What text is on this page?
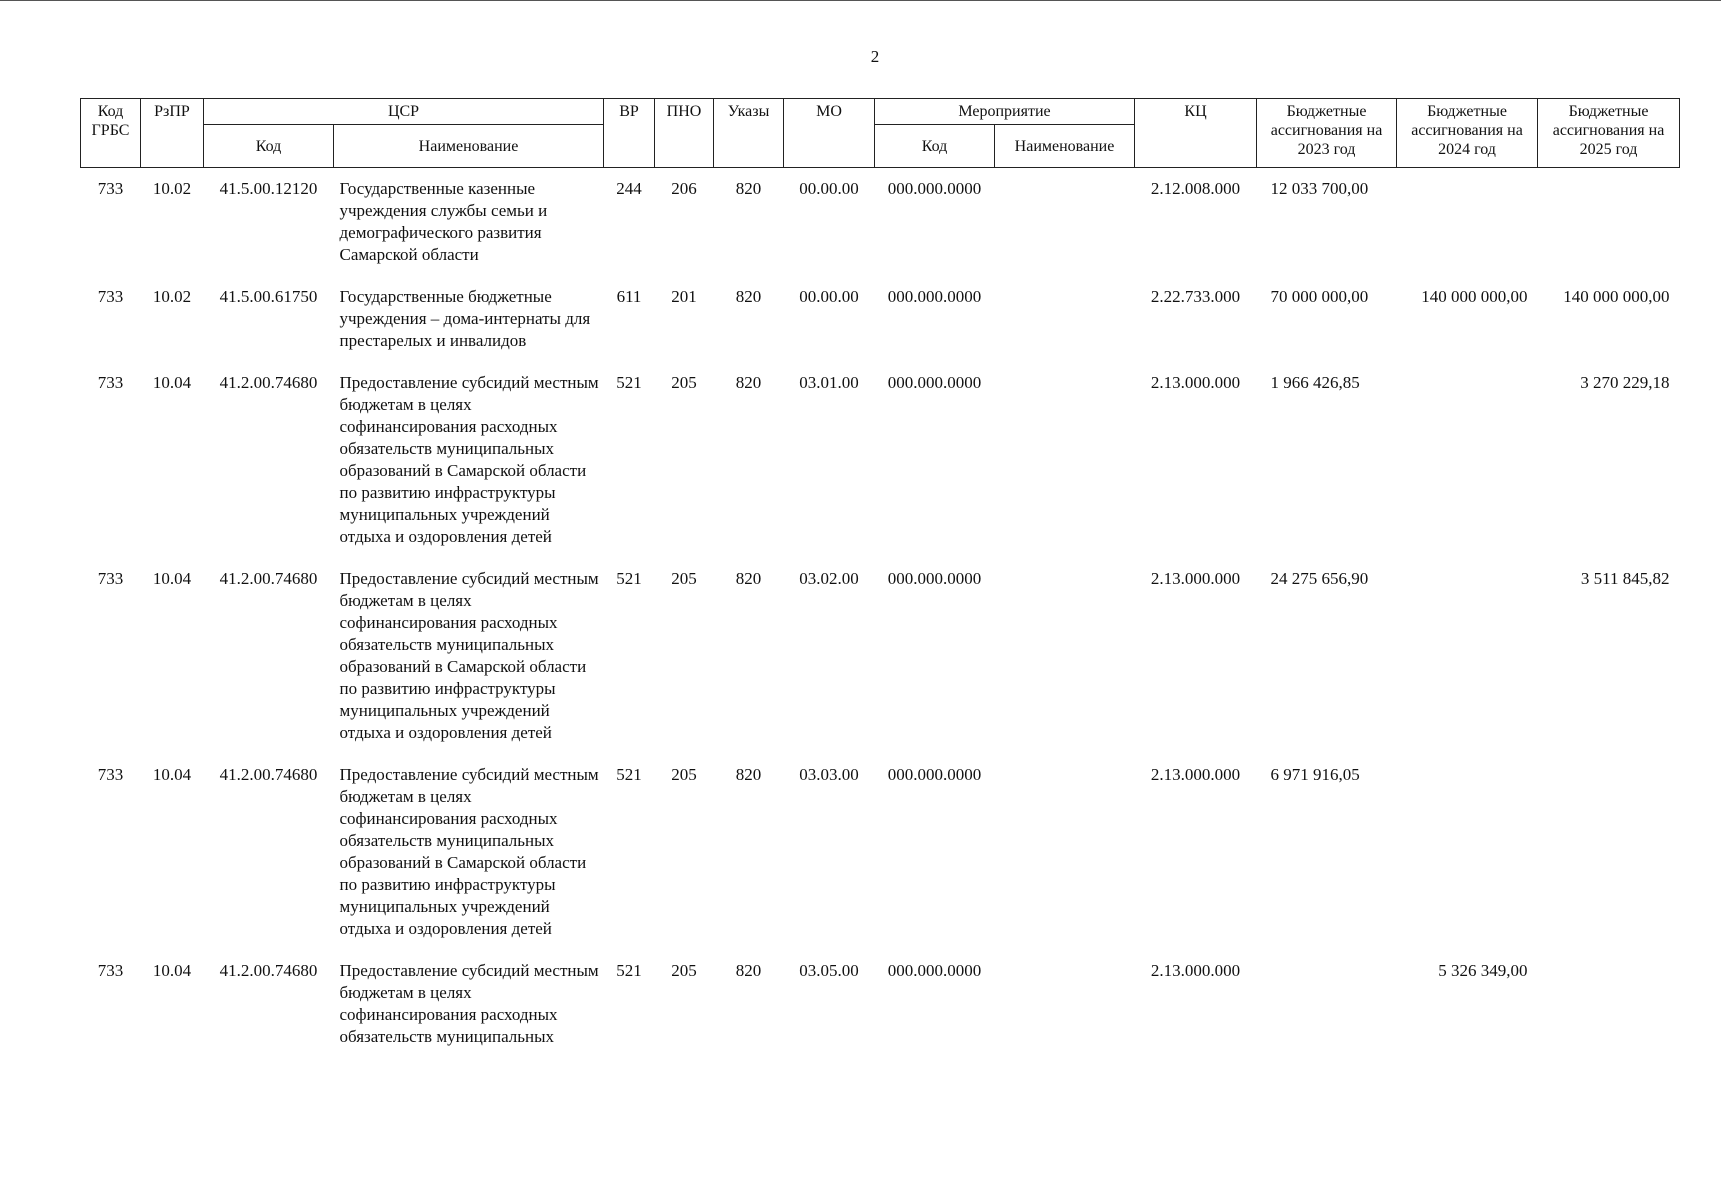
2
Код ГРБС	РзПР	ЦСР		ВР	ПНО	Указы	МО	Мероприятие		КЦ	Бюджетные ассигнования на 2023 год	Бюджетные ассигнования на 2024 год	Бюджетные ассигнования на 2025 год
		Код	Наименование					Код	Наименование				
733	10.02	41.5.00.12120	Государственные казенные учреждения службы семьи и демографического развития Самарской области	244	206	820	00.00.00	000.000.0000		2.12.008.000	12 033 700,00		
733	10.02	41.5.00.61750	Государственные бюджетные учреждения – дома-интернаты для престарелых и инвалидов	611	201	820	00.00.00	000.000.0000		2.22.733.000	70 000 000,00	140 000 000,00	140 000 000,00
733	10.04	41.2.00.74680	Предоставление субсидий местным бюджетам в целях софинансирования расходных обязательств муниципальных образований в Самарской области по развитию инфраструктуры муниципальных учреждений отдыха и оздоровления детей	521	205	820	03.01.00	000.000.0000		2.13.000.000	1 966 426,85		3 270 229,18
733	10.04	41.2.00.74680	Предоставление субсидий местным бюджетам в целях софинансирования расходных обязательств муниципальных образований в Самарской области по развитию инфраструктуры муниципальных учреждений отдыха и оздоровления детей	521	205	820	03.02.00	000.000.0000		2.13.000.000	24 275 656,90		3 511 845,82
733	10.04	41.2.00.74680	Предоставление субсидий местным бюджетам в целях софинансирования расходных обязательств муниципальных образований в Самарской области по развитию инфраструктуры муниципальных учреждений отдыха и оздоровления детей	521	205	820	03.03.00	000.000.0000		2.13.000.000	6 971 916,05		
733	10.04	41.2.00.74680	Предоставление субсидий местным бюджетам в целях софинансирования расходных обязательств муниципальных	521	205	820	03.05.00	000.000.0000		2.13.000.000		5 326 349,00	
